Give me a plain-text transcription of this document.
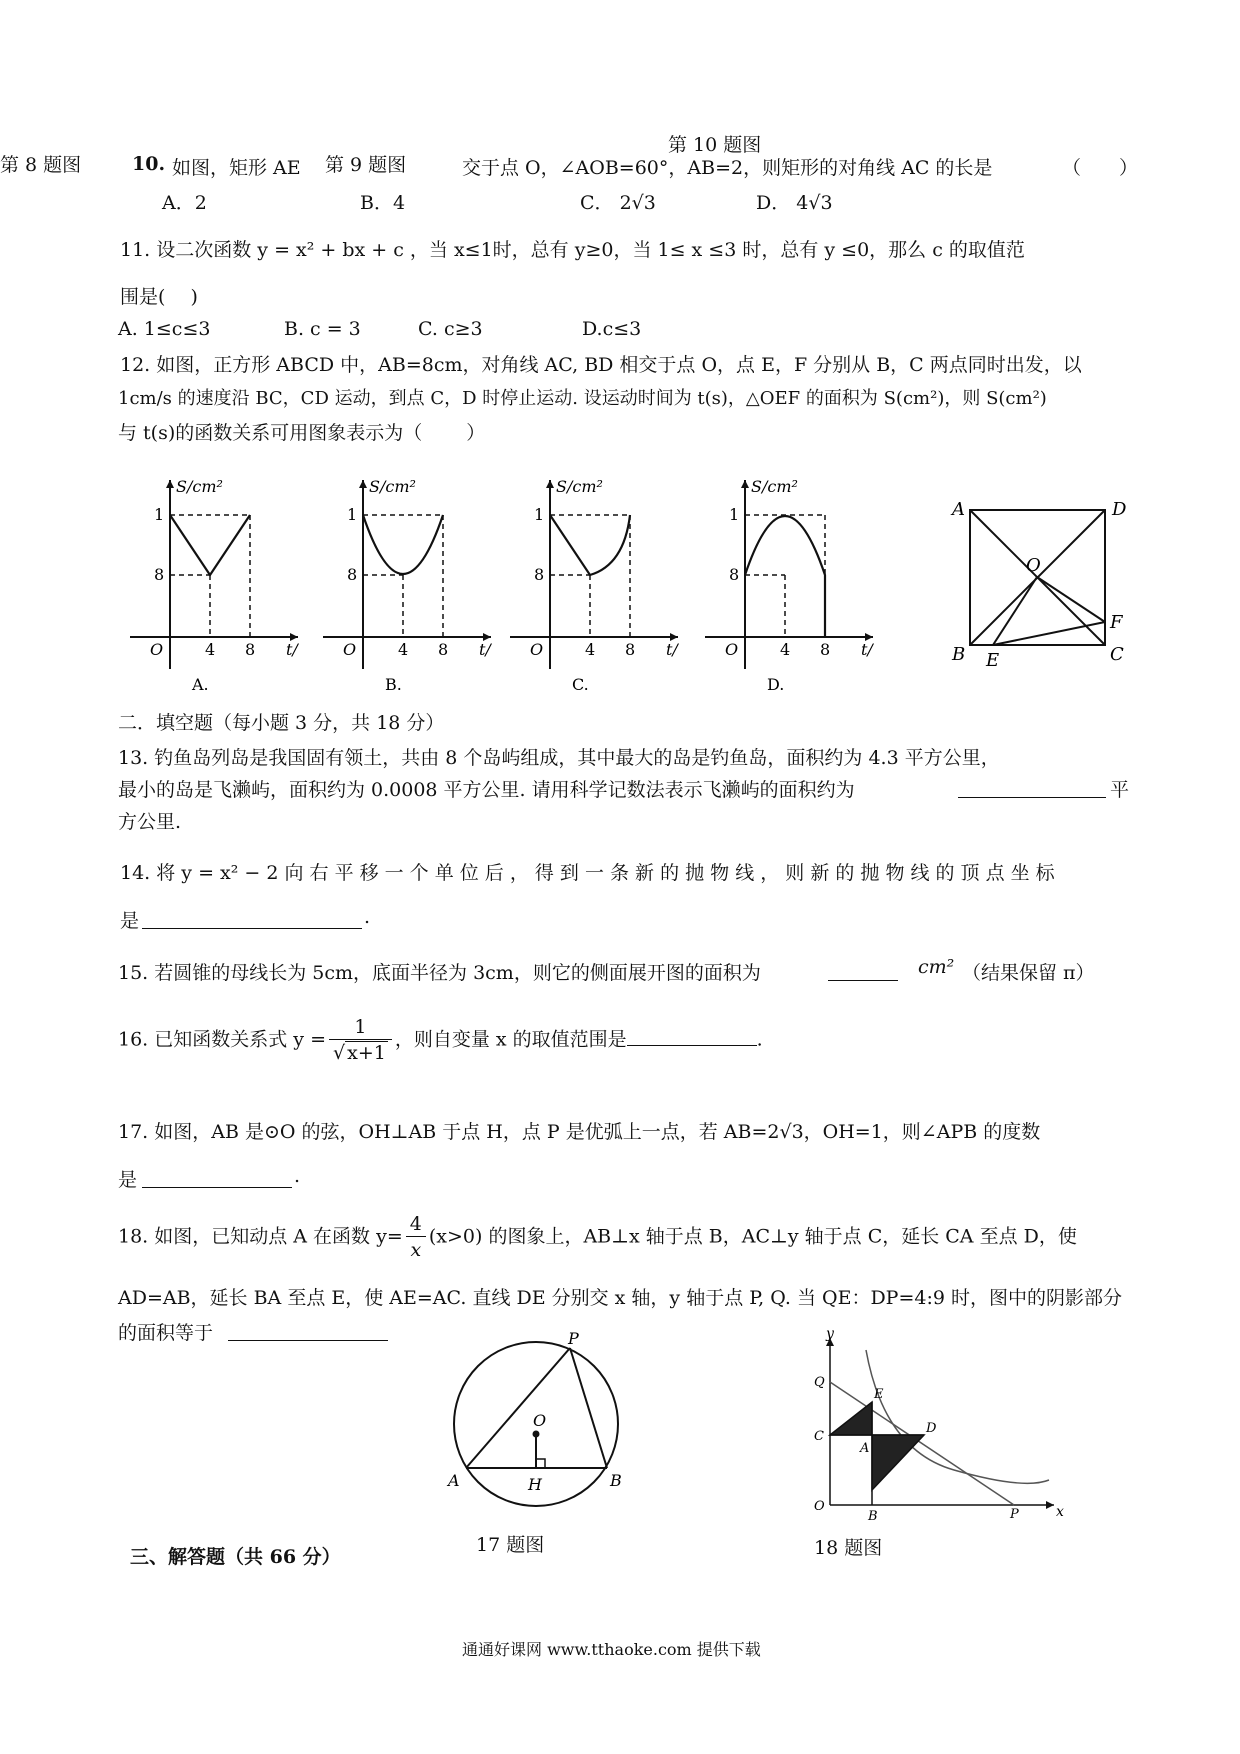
第 8 题图	第 9 题图
第 10 题图
10. 如图，矩形 AE	交于点 O，∠AOB=60°，AB=2，则矩形的对角线 AC 的长是	（　　）
A．2	B．4	C． 2√3	D． 4√3
11. 设二次函数 y = x² + bx + c ，当 x≤1时，总有 y≥0，当 1≤ x ≤3 时，总有 y ≤0，那么 c 的取值范
围是(　 )
A. 1≤c≤3	B. c = 3	C. c≥3	D.c≤3
12. 如图，正方形 ABCD 中，AB=8cm，对角线 AC, BD 相交于点 O，点 E，F 分别从 B，C 两点同时出发，以
1cm/s 的速度沿 BC，CD 运动，到点 C，D 时停止运动. 设运动时间为 t(s)，△OEF 的面积为 S(cm²)，则 S(cm²)
与 t(s)的函数关系可用图象表示为（　　 ）
S/cm²
1
8
O	4 8 t/
A.
S/cm²
1
8
O	4 8 t/
B.
S/cm²
1
8
O	4 8 t/
C.
S/cm²
1
8
O	4 8 t/
D.
A	D
O
F
B E	C
二．填空题（每小题 3 分，共 18 分）
13. 钓鱼岛列岛是我国固有领土，共由 8 个岛屿组成，其中最大的岛是钓鱼岛，面积约为 4.3 平方公里，
最小的岛是飞濑屿，面积约为 0.0008 平方公里. 请用科学记数法表示飞濑屿的面积约为	平
方公里.
14. 将 y = x² − 2 向 右 平 移 一 个 单 位 后 ， 得 到 一 条 新 的 抛 物 线 ， 则 新 的 抛 物 线 的 顶 点 坐 标
是	.
15. 若圆锥的母线长为 5cm，底面半径为 3cm，则它的侧面展开图的面积为	cm² （结果保留 π）
16. 已知函数关系式 $y = \frac{1}{√ x+1}$ ，则自变量 x 的取值范围是	.
17. 如图，AB 是⊙O 的弦，OH⊥AB 于点 H，点 P 是优弧上一点，若 AB=2√3，OH=1，则∠APB 的度数
是	.
18. 如图，已知动点 A 在函数 $y= \frac{4}{x} (x>0)$ 的图象上，AB⊥x 轴于点 B，AC⊥y 轴于点 C，延长 CA 至点 D，使
AD=AB，延长 BA 至点 E，使 AE=AC. 直线 DE 分别交 x 轴，y 轴于点 P, Q. 当 QE：DP=4:9 时，图中的阴影部分
的面积等于	P
O
A	H	B
17 题图
y
x
Q
E
C
A
D
O
B	P
18 题图
三、解答题（共 66 分）
通通好课网 www.tthaoke.com 提供下载
